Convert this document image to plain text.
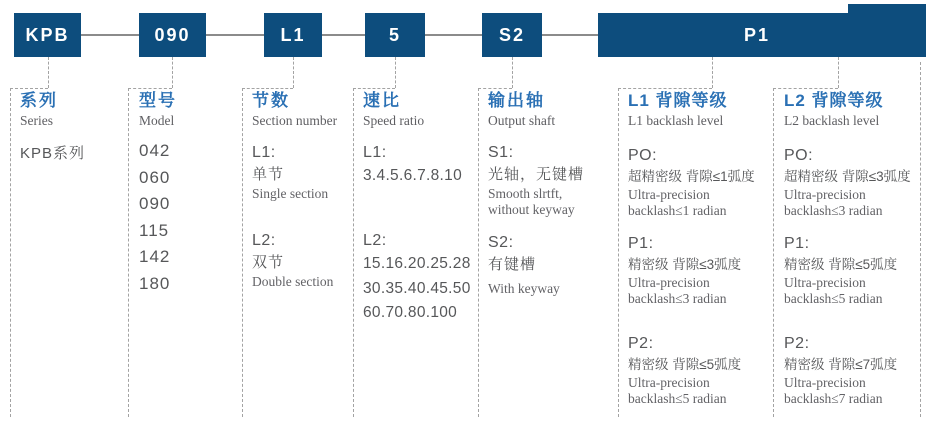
KPB	090	L1	5	S2	P1
系列
Series
KPB系列
型号
Model
042
060
090
115
142
180
节数
Section number
L1:
单节
Single section
L2:
双节
Double section
速比
Speed ratio
L1:
3.4.5.6.7.8.10
L2:
15.16.20.25.28
30.35.40.45.50
60.70.80.100
输出轴
Output shaft
S1:
光轴，无键槽
Smooth slrtft,
without keyway
S2:
有键槽
With keyway
L1 背隙等级
L1 backlash level
PO:
超精密级 背隙≤1弧度
Ultra-precision
backlash≤1 radian
P1:
精密级 背隙≤3弧度
Ultra-precision
backlash≤3 radian
P2:
精密级 背隙≤5弧度
Ultra-precision
backlash≤5 radian
L2 背隙等级
L2 backlash level
PO:
超精密级 背隙≤3弧度
Ultra-precision
backlash≤3 radian
P1:
精密级 背隙≤5弧度
Ultra-precision
backlash≤5 radian
P2:
精密级 背隙≤7弧度
Ultra-precision
backlash≤7 radian
